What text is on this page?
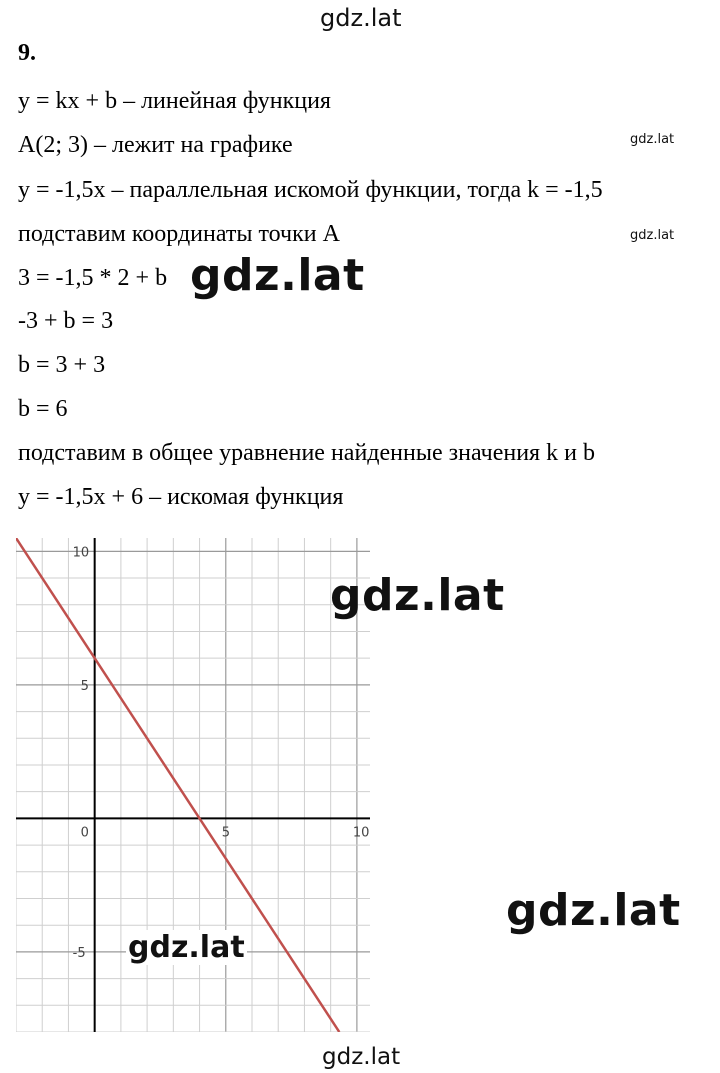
gdz.lat
9.
y = kx + b – линейная функция
A(2; 3) – лежит на графике
y = -1,5x – параллельная искомой функции, тогда k = -1,5
подставим координаты точки А
3 = -1,5 * 2 + b
-3 + b = 3
b = 3 + 3
b = 6
подставим в общее уравнение найденные значения k и b
y = -1,5x + 6 – искомая функция
gdz.lat
gdz.lat
gdz.lat
0	5	10
10
5
-5
gdz.lat
gdz.lat
gdz.lat
gdz.lat
